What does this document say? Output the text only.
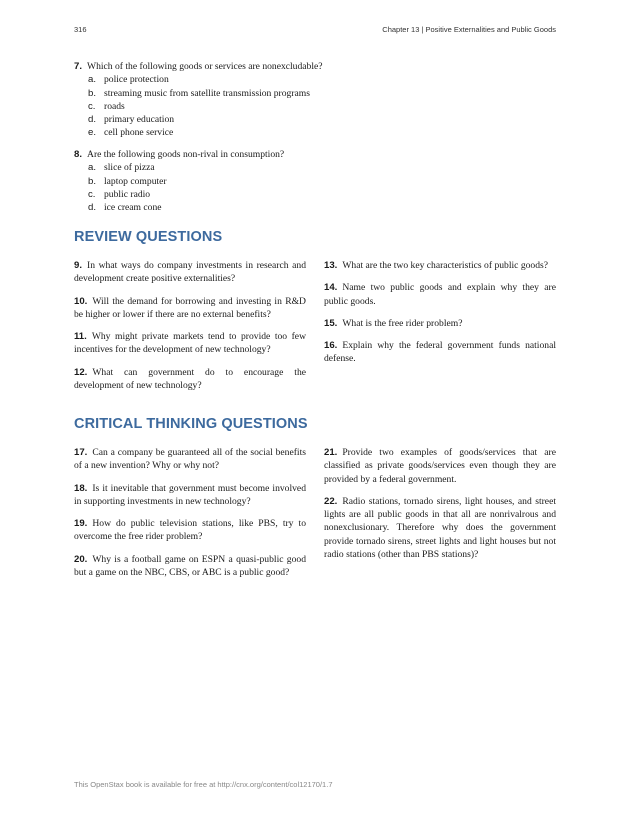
316	Chapter 13 | Positive Externalities and Public Goods
7. Which of the following goods or services are nonexcludable?
a. police protection
b. streaming music from satellite transmission programs
c. roads
d. primary education
e. cell phone service
8. Are the following goods non-rival in consumption?
a. slice of pizza
b. laptop computer
c. public radio
d. ice cream cone
REVIEW QUESTIONS
9. In what ways do company investments in research and development create positive externalities?
10. Will the demand for borrowing and investing in R&D be higher or lower if there are no external benefits?
11. Why might private markets tend to provide too few incentives for the development of new technology?
12. What can government do to encourage the development of new technology?
13. What are the two key characteristics of public goods?
14. Name two public goods and explain why they are public goods.
15. What is the free rider problem?
16. Explain why the federal government funds national defense.
CRITICAL THINKING QUESTIONS
17. Can a company be guaranteed all of the social benefits of a new invention? Why or why not?
18. Is it inevitable that government must become involved in supporting investments in new technology?
19. How do public television stations, like PBS, try to overcome the free rider problem?
20. Why is a football game on ESPN a quasi-public good but a game on the NBC, CBS, or ABC is a public good?
21. Provide two examples of goods/services that are classified as private goods/services even though they are provided by a federal government.
22. Radio stations, tornado sirens, light houses, and street lights are all public goods in that all are nonrivalrous and nonexclusionary. Therefore why does the government provide tornado sirens, street lights and light houses but not radio stations (other than PBS stations)?
This OpenStax book is available for free at http://cnx.org/content/col12170/1.7
